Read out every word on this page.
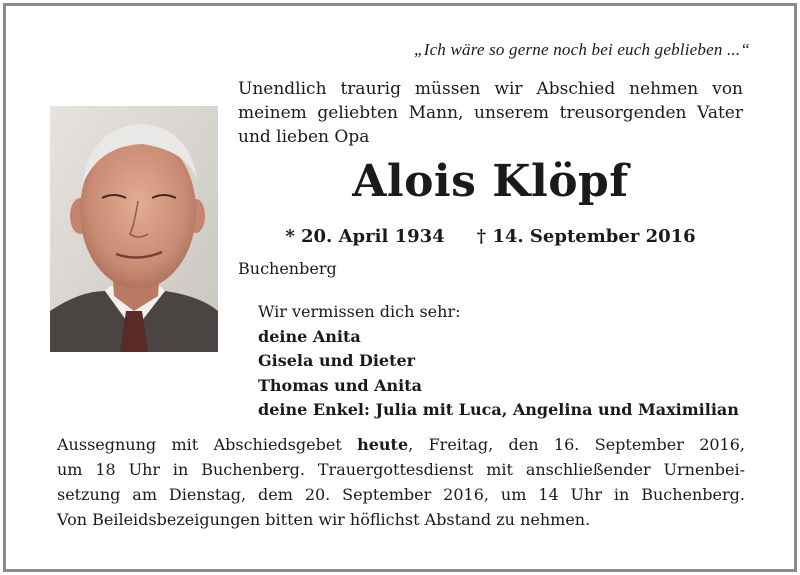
„Ich wäre so gerne noch bei euch geblieben ...“
Unendlich traurig müssen wir Abschied nehmen von meinem geliebten Mann, unserem treusorgenden Vater und lieben Opa
Alois Klöpf
* 20. April 1934 † 14. September 2016
Buchenberg
Wir vermissen dich sehr:
deine Anita
Gisela und Dieter
Thomas und Anita
deine Enkel: Julia mit Luca, Angelina und Maximilian
Aussegnung mit Abschiedsgebet heute, Freitag, den 16. September 2016,
um 18 Uhr in Buchenberg. Trauergottesdienst mit anschließender Urnenbei-
setzung am Dienstag, dem 20. September 2016, um 14 Uhr in Buchenberg.
Von Beileidsbezeigungen bitten wir höflichst Abstand zu nehmen.
